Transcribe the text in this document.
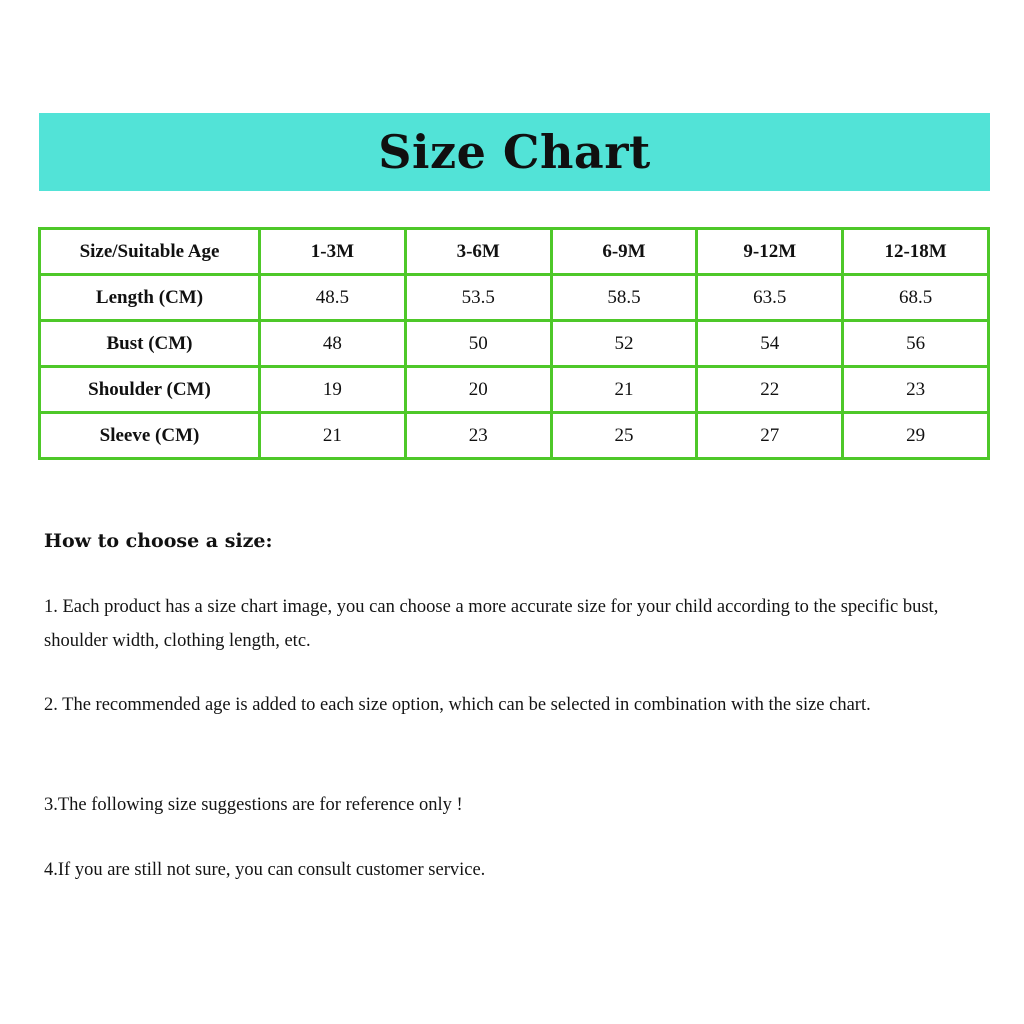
Size Chart
Size/Suitable Age	1-3M	3-6M	6-9M	9-12M	12-18M
Length (CM)	48.5	53.5	58.5	63.5	68.5
Bust (CM)	48	50	52	54	56
Shoulder (CM)	19	20	21	22	23
Sleeve (CM)	21	23	25	27	29
How to choose a size:

1. Each product has a size chart image, you can choose a more accurate size for your child according to the specific bust, shoulder width, clothing length, etc.

2. The recommended age is added to each size option, which can be selected in combination with the size chart.

3.The following size suggestions are for reference only !

4.If you are still not sure, you can consult customer service.
